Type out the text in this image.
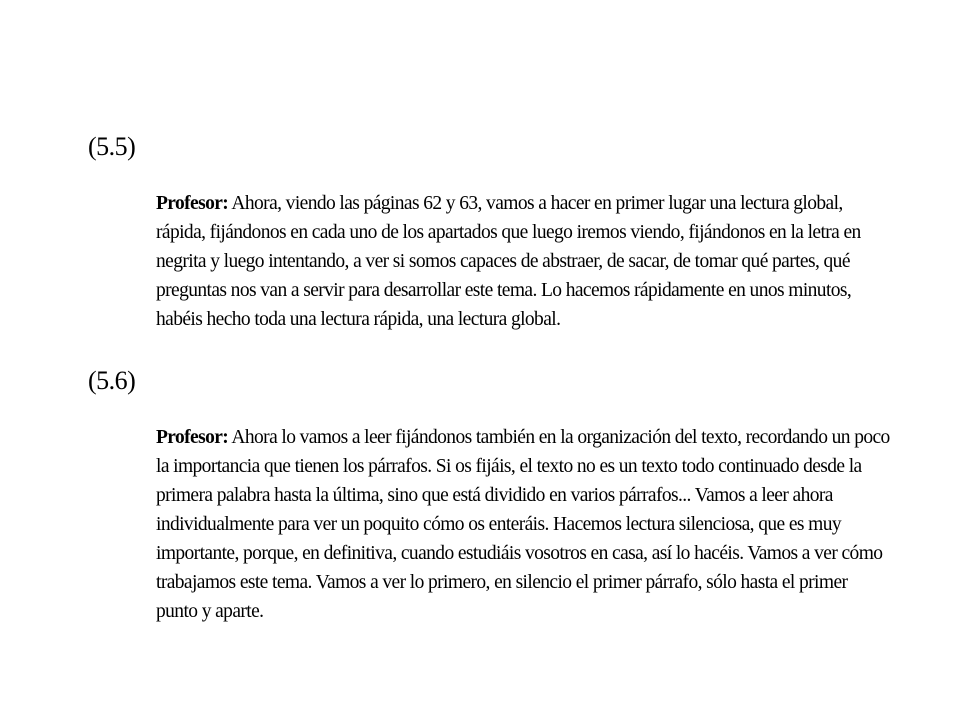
(5.5)
Profesor: Ahora, viendo las páginas 62 y 63, vamos a hacer en primer lugar una lectura global,
rápida, fijándonos en cada uno de los apartados que luego iremos viendo, fijándonos en la letra en
negrita y luego intentando, a ver si somos capaces de abstraer, de sacar, de tomar qué partes, qué
preguntas nos van a servir para desarrollar este tema. Lo hacemos rápidamente en unos minutos,
habéis hecho toda una lectura rápida, una lectura global.
(5.6)
Profesor: Ahora lo vamos a leer fijándonos también en la organización del texto, recordando un poco
la importancia que tienen los párrafos. Si os fijáis, el texto no es un texto todo continuado desde la
primera palabra hasta la última, sino que está dividido en varios párrafos... Vamos a leer ahora
individualmente para ver un poquito cómo os enteráis. Hacemos lectura silenciosa, que es muy
importante, porque, en definitiva, cuando estudiáis vosotros en casa, así lo hacéis. Vamos a ver cómo
trabajamos este tema. Vamos a ver lo primero, en silencio el primer párrafo, sólo hasta el primer
punto y aparte.
